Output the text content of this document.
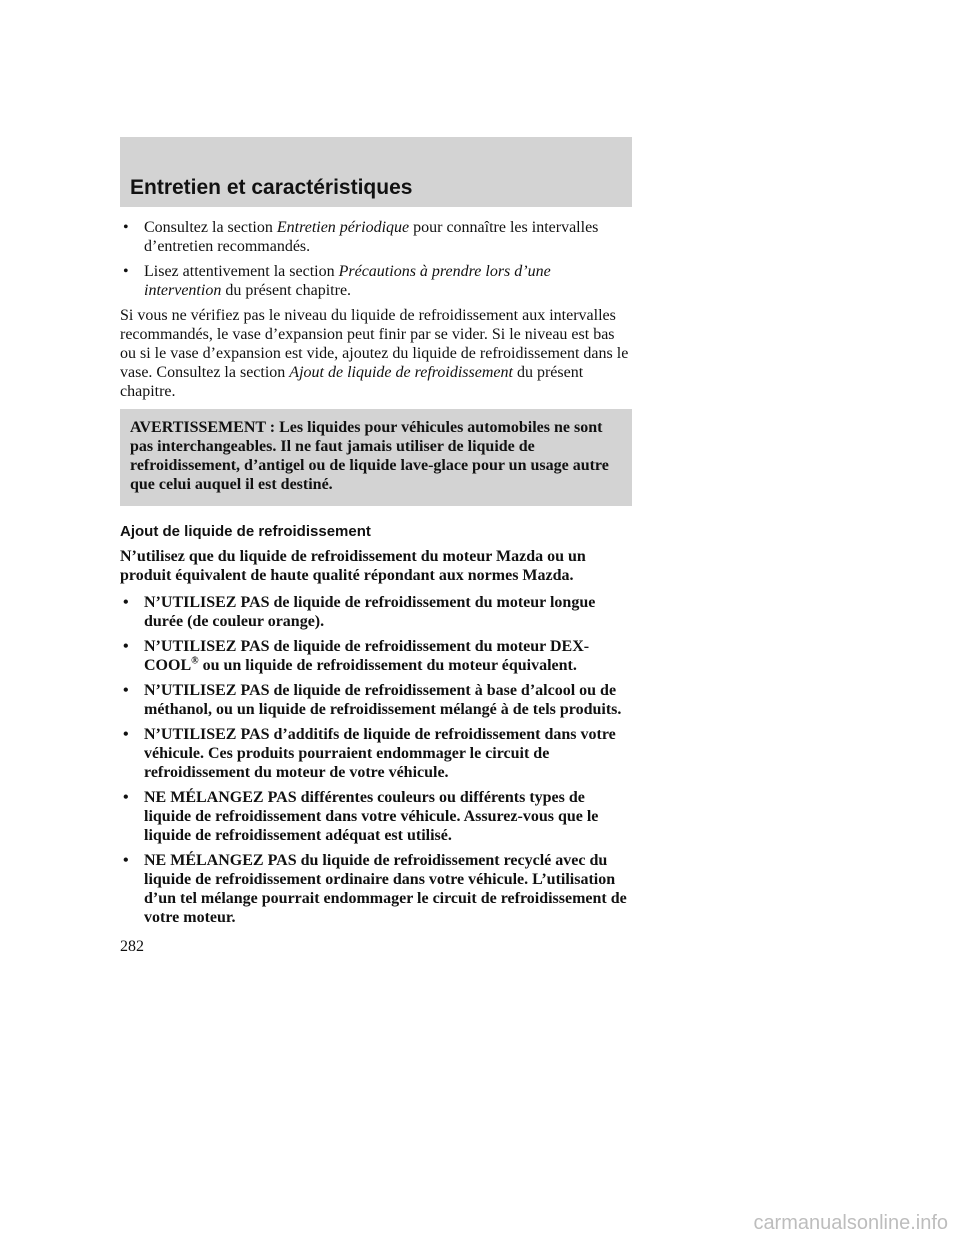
Entretien et caractéristiques

• Consultez la section Entretien périodique pour connaître les intervalles d’entretien recommandés.

• Lisez attentivement la section Précautions à prendre lors d’une intervention du présent chapitre.

Si vous ne vérifiez pas le niveau du liquide de refroidissement aux intervalles recommandés, le vase d’expansion peut finir par se vider. Si le niveau est bas ou si le vase d’expansion est vide, ajoutez du liquide de refroidissement dans le vase. Consultez la section Ajout de liquide de refroidissement du présent chapitre.

AVERTISSEMENT : Les liquides pour véhicules automobiles ne sont pas interchangeables. Il ne faut jamais utiliser de liquide de refroidissement, d’antigel ou de liquide lave-glace pour un usage autre que celui auquel il est destiné.

Ajout de liquide de refroidissement

N’utilisez que du liquide de refroidissement du moteur Mazda ou un produit équivalent de haute qualité répondant aux normes Mazda.

• N’UTILISEZ PAS de liquide de refroidissement du moteur longue durée (de couleur orange).

• N’UTILISEZ PAS de liquide de refroidissement du moteur DEX-COOL® ou un liquide de refroidissement du moteur équivalent.

• N’UTILISEZ PAS de liquide de refroidissement à base d’alcool ou de méthanol, ou un liquide de refroidissement mélangé à de tels produits.

• N’UTILISEZ PAS d’additifs de liquide de refroidissement dans votre véhicule. Ces produits pourraient endommager le circuit de refroidissement du moteur de votre véhicule.

• NE MÉLANGEZ PAS différentes couleurs ou différents types de liquide de refroidissement dans votre véhicule. Assurez-vous que le liquide de refroidissement adéquat est utilisé.

• NE MÉLANGEZ PAS du liquide de refroidissement recyclé avec du liquide de refroidissement ordinaire dans votre véhicule. L’utilisation d’un tel mélange pourrait endommager le circuit de refroidissement de votre moteur.

282

carmanualsonline.info
